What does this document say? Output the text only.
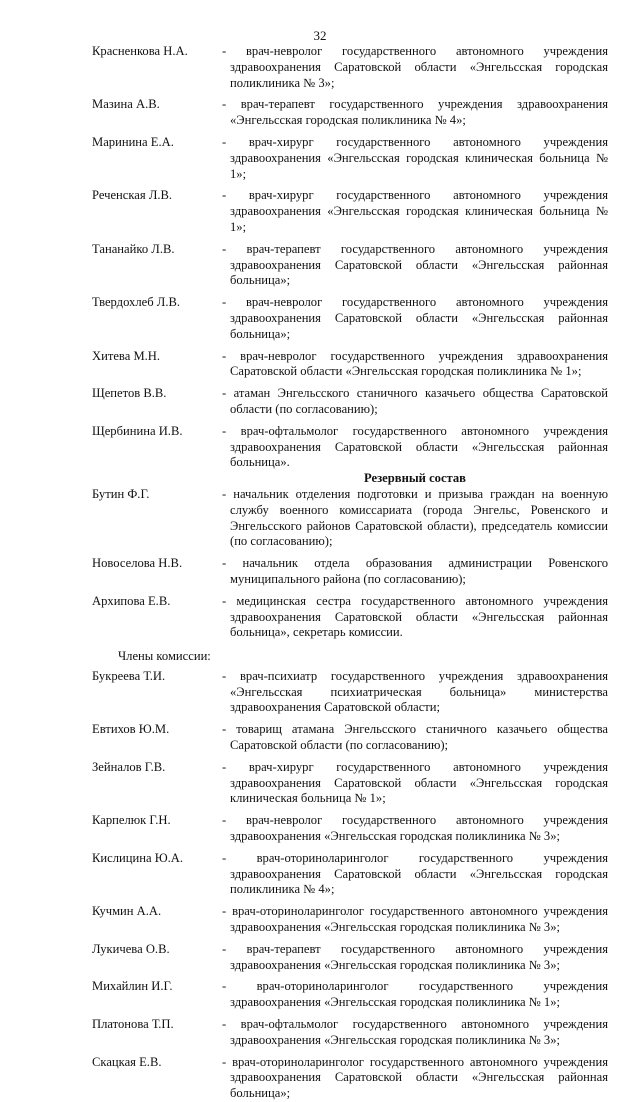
32
Красненкова Н.А.	- врач-невролог государственного автономного учреждения здравоохранения Саратовской области «Энгельсская городская поликлиника № 3»;
Мазина А.В.	- врач-терапевт государственного учреждения здравоохранения «Энгельсская городская поликлиника № 4»;
Маринина Е.А.	- врач-хирург государственного автономного учреждения здравоохранения «Энгельсская городская клиническая больница № 1»;
Реченская Л.В.	- врач-хирург государственного автономного учреждения здравоохранения «Энгельсская городская клиническая больница № 1»;
Тананайко Л.В.	- врач-терапевт государственного автономного учреждения здравоохранения Саратовской области «Энгельсская районная больница»;
Твердохлеб Л.В.	- врач-невролог государственного автономного учреждения здравоохранения Саратовской области «Энгельсская районная больница»;
Хитева М.Н.	- врач-невролог государственного учреждения здравоохранения Саратовской области «Энгельсская городская поликлиника № 1»;
Щепетов В.В.	- атаман Энгельсского станичного казачьего общества Саратовской области (по согласованию);
Щербинина И.В.	- врач-офтальмолог государственного автономного учреждения здравоохранения Саратовской области «Энгельсская районная больница».
Резервный состав
Бутин Ф.Г.	- начальник отделения подготовки и призыва граждан на военную службу военного комиссариата (города Энгельс, Ровенского и Энгельсского районов Саратовской области), председатель комиссии (по согласованию);
Новоселова Н.В.	- начальник отдела образования администрации Ровенского муниципального района (по согласованию);
Архипова Е.В.	- медицинская сестра государственного автономного учреждения здравоохранения Саратовской области «Энгельсская районная больница», секретарь комиссии.
Члены комиссии:
Букреева Т.И.	- врач-психиатр государственного учреждения здравоохранения «Энгельсская психиатрическая больница» министерства здравоохранения Саратовской области;
Евтихов Ю.М.	- товарищ атамана Энгельсского станичного казачьего общества Саратовской области (по согласованию);
Зейналов Г.В.	- врач-хирург государственного автономного учреждения здравоохранения Саратовской области «Энгельсская городская клиническая больница № 1»;
Карпелюк Г.Н.	- врач-невролог государственного автономного учреждения здравоохранения «Энгельсская городская поликлиника № 3»;
Кислицина Ю.А.	- врач-оториноларинголог государственного учреждения здравоохранения Саратовской области «Энгельсская городская поликлиника № 4»;
Кучмин А.А.	- врач-оториноларинголог государственного автономного учреждения здравоохранения «Энгельсская городская поликлиника № 3»;
Лукичева О.В.	- врач-терапевт государственного автономного учреждения здравоохранения «Энгельсская городская поликлиника № 3»;
Михайлин И.Г.	- врач-оториноларинголог государственного учреждения здравоохранения «Энгельсская городская поликлиника № 1»;
Платонова Т.П.	- врач-офтальмолог государственного автономного учреждения здравоохранения «Энгельсская городская поликлиника № 3»;
Скацкая Е.В.	- врач-оториноларинголог государственного автономного учреждения здравоохранения Саратовской области «Энгельсская районная больница»;
